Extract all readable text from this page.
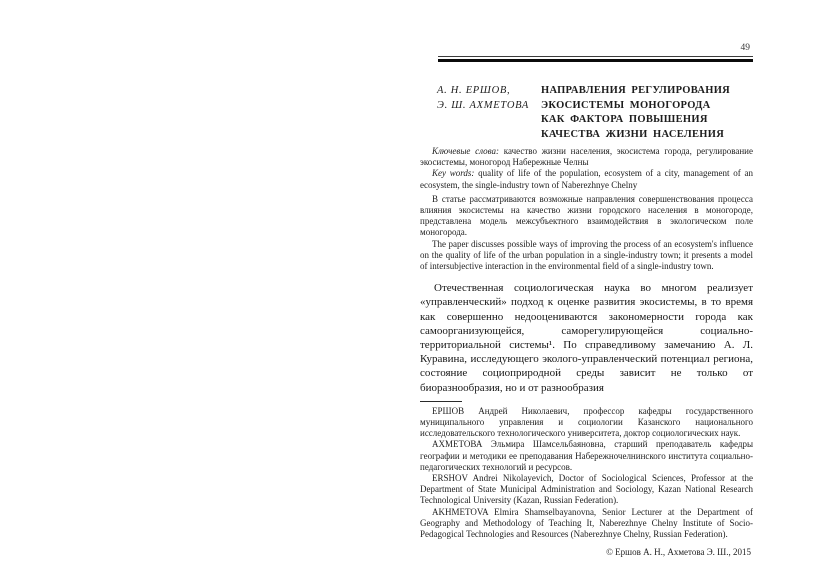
49
А. Н. ЕРШОВ,
Э. Ш. АХМЕТОВА
НАПРАВЛЕНИЯ РЕГУЛИРОВАНИЯ
ЭКОСИСТЕМЫ МОНОГОРОДА
КАК ФАКТОРА ПОВЫШЕНИЯ
КАЧЕСТВА ЖИЗНИ НАСЕЛЕНИЯ

Ключевые слова: качество жизни населения, экосистема города, регулирование экосистемы, моногород Набережные Челны

Key words: quality of life of the population, ecosystem of a city, management of an ecosystem, the single-industry town of Naberezhnye Chelny

В статье рассматриваются возможные направления совершенствования процесса влияния экосистемы на качество жизни городского населения в моногороде, представлена модель межсубъектного взаимодействия в экологическом поле моногорода.

The paper discusses possible ways of improving the process of an ecosystem's influence on the quality of life of the urban population in a single-industry town; it presents a model of intersubjective interaction in the environmental field of a single-industry town.

Отечественная социологическая наука во многом реализует «управленческий» подход к оценке развития экосистемы, в то время как совершенно недооцениваются закономерности города как самоорганизующейся, саморегулирующейся социально-территориальной системы¹. По справедливому замечанию А. Л. Куравина, исследующего эколого-управленческий потенциал региона, состояние социоприродной среды зависит не только от биоразнообразия, но и от разнообразия

ЕРШОВ Андрей Николаевич, профессор кафедры государственного муниципального управления и социологии Казанского национального исследовательского технологического университета, доктор социологических наук.

АХМЕТОВА Эльмира Шамсельбаяновна, старший преподаватель кафедры географии и методики ее преподавания Набережночелнинского института социально-педагогических технологий и ресурсов.

ERSHOV Andrei Nikolayevich, Doctor of Sociological Sciences, Professor at the Department of State Municipal Administration and Sociology, Kazan National Research Technological University (Kazan, Russian Federation).

AKHMETOVA Elmira Shamselbayanovna, Senior Lecturer at the Department of Geography and Methodology of Teaching It, Naberezhnye Chelny Institute of Socio-Pedagogical Technologies and Resources (Naberezhnye Chelny, Russian Federation).

© Ершов А. Н., Ахметова Э. Ш., 2015
